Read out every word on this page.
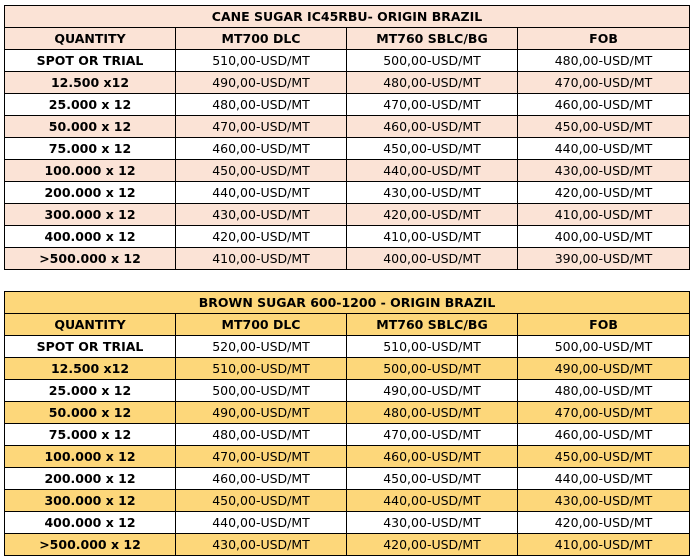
CANE SUGAR IC45RBU- ORIGIN BRAZIL			
QUANTITY	MT700 DLC	MT760 SBLC/BG	FOB
SPOT OR TRIAL	510,00-USD/MT	500,00-USD/MT	480,00-USD/MT
12.500 x12	490,00-USD/MT	480,00-USD/MT	470,00-USD/MT
25.000 x 12	480,00-USD/MT	470,00-USD/MT	460,00-USD/MT
50.000 x 12	470,00-USD/MT	460,00-USD/MT	450,00-USD/MT
75.000 x 12	460,00-USD/MT	450,00-USD/MT	440,00-USD/MT
100.000 x 12	450,00-USD/MT	440,00-USD/MT	430,00-USD/MT
200.000 x 12	440,00-USD/MT	430,00-USD/MT	420,00-USD/MT
300.000 x 12	430,00-USD/MT	420,00-USD/MT	410,00-USD/MT
400.000 x 12	420,00-USD/MT	410,00-USD/MT	400,00-USD/MT
>500.000 x 12	410,00-USD/MT	400,00-USD/MT	390,00-USD/MT
BROWN SUGAR 600-1200 - ORIGIN BRAZIL			
QUANTITY	MT700 DLC	MT760 SBLC/BG	FOB
SPOT OR TRIAL	520,00-USD/MT	510,00-USD/MT	500,00-USD/MT
12.500 x12	510,00-USD/MT	500,00-USD/MT	490,00-USD/MT
25.000 x 12	500,00-USD/MT	490,00-USD/MT	480,00-USD/MT
50.000 x 12	490,00-USD/MT	480,00-USD/MT	470,00-USD/MT
75.000 x 12	480,00-USD/MT	470,00-USD/MT	460,00-USD/MT
100.000 x 12	470,00-USD/MT	460,00-USD/MT	450,00-USD/MT
200.000 x 12	460,00-USD/MT	450,00-USD/MT	440,00-USD/MT
300.000 x 12	450,00-USD/MT	440,00-USD/MT	430,00-USD/MT
400.000 x 12	440,00-USD/MT	430,00-USD/MT	420,00-USD/MT
>500.000 x 12	430,00-USD/MT	420,00-USD/MT	410,00-USD/MT
